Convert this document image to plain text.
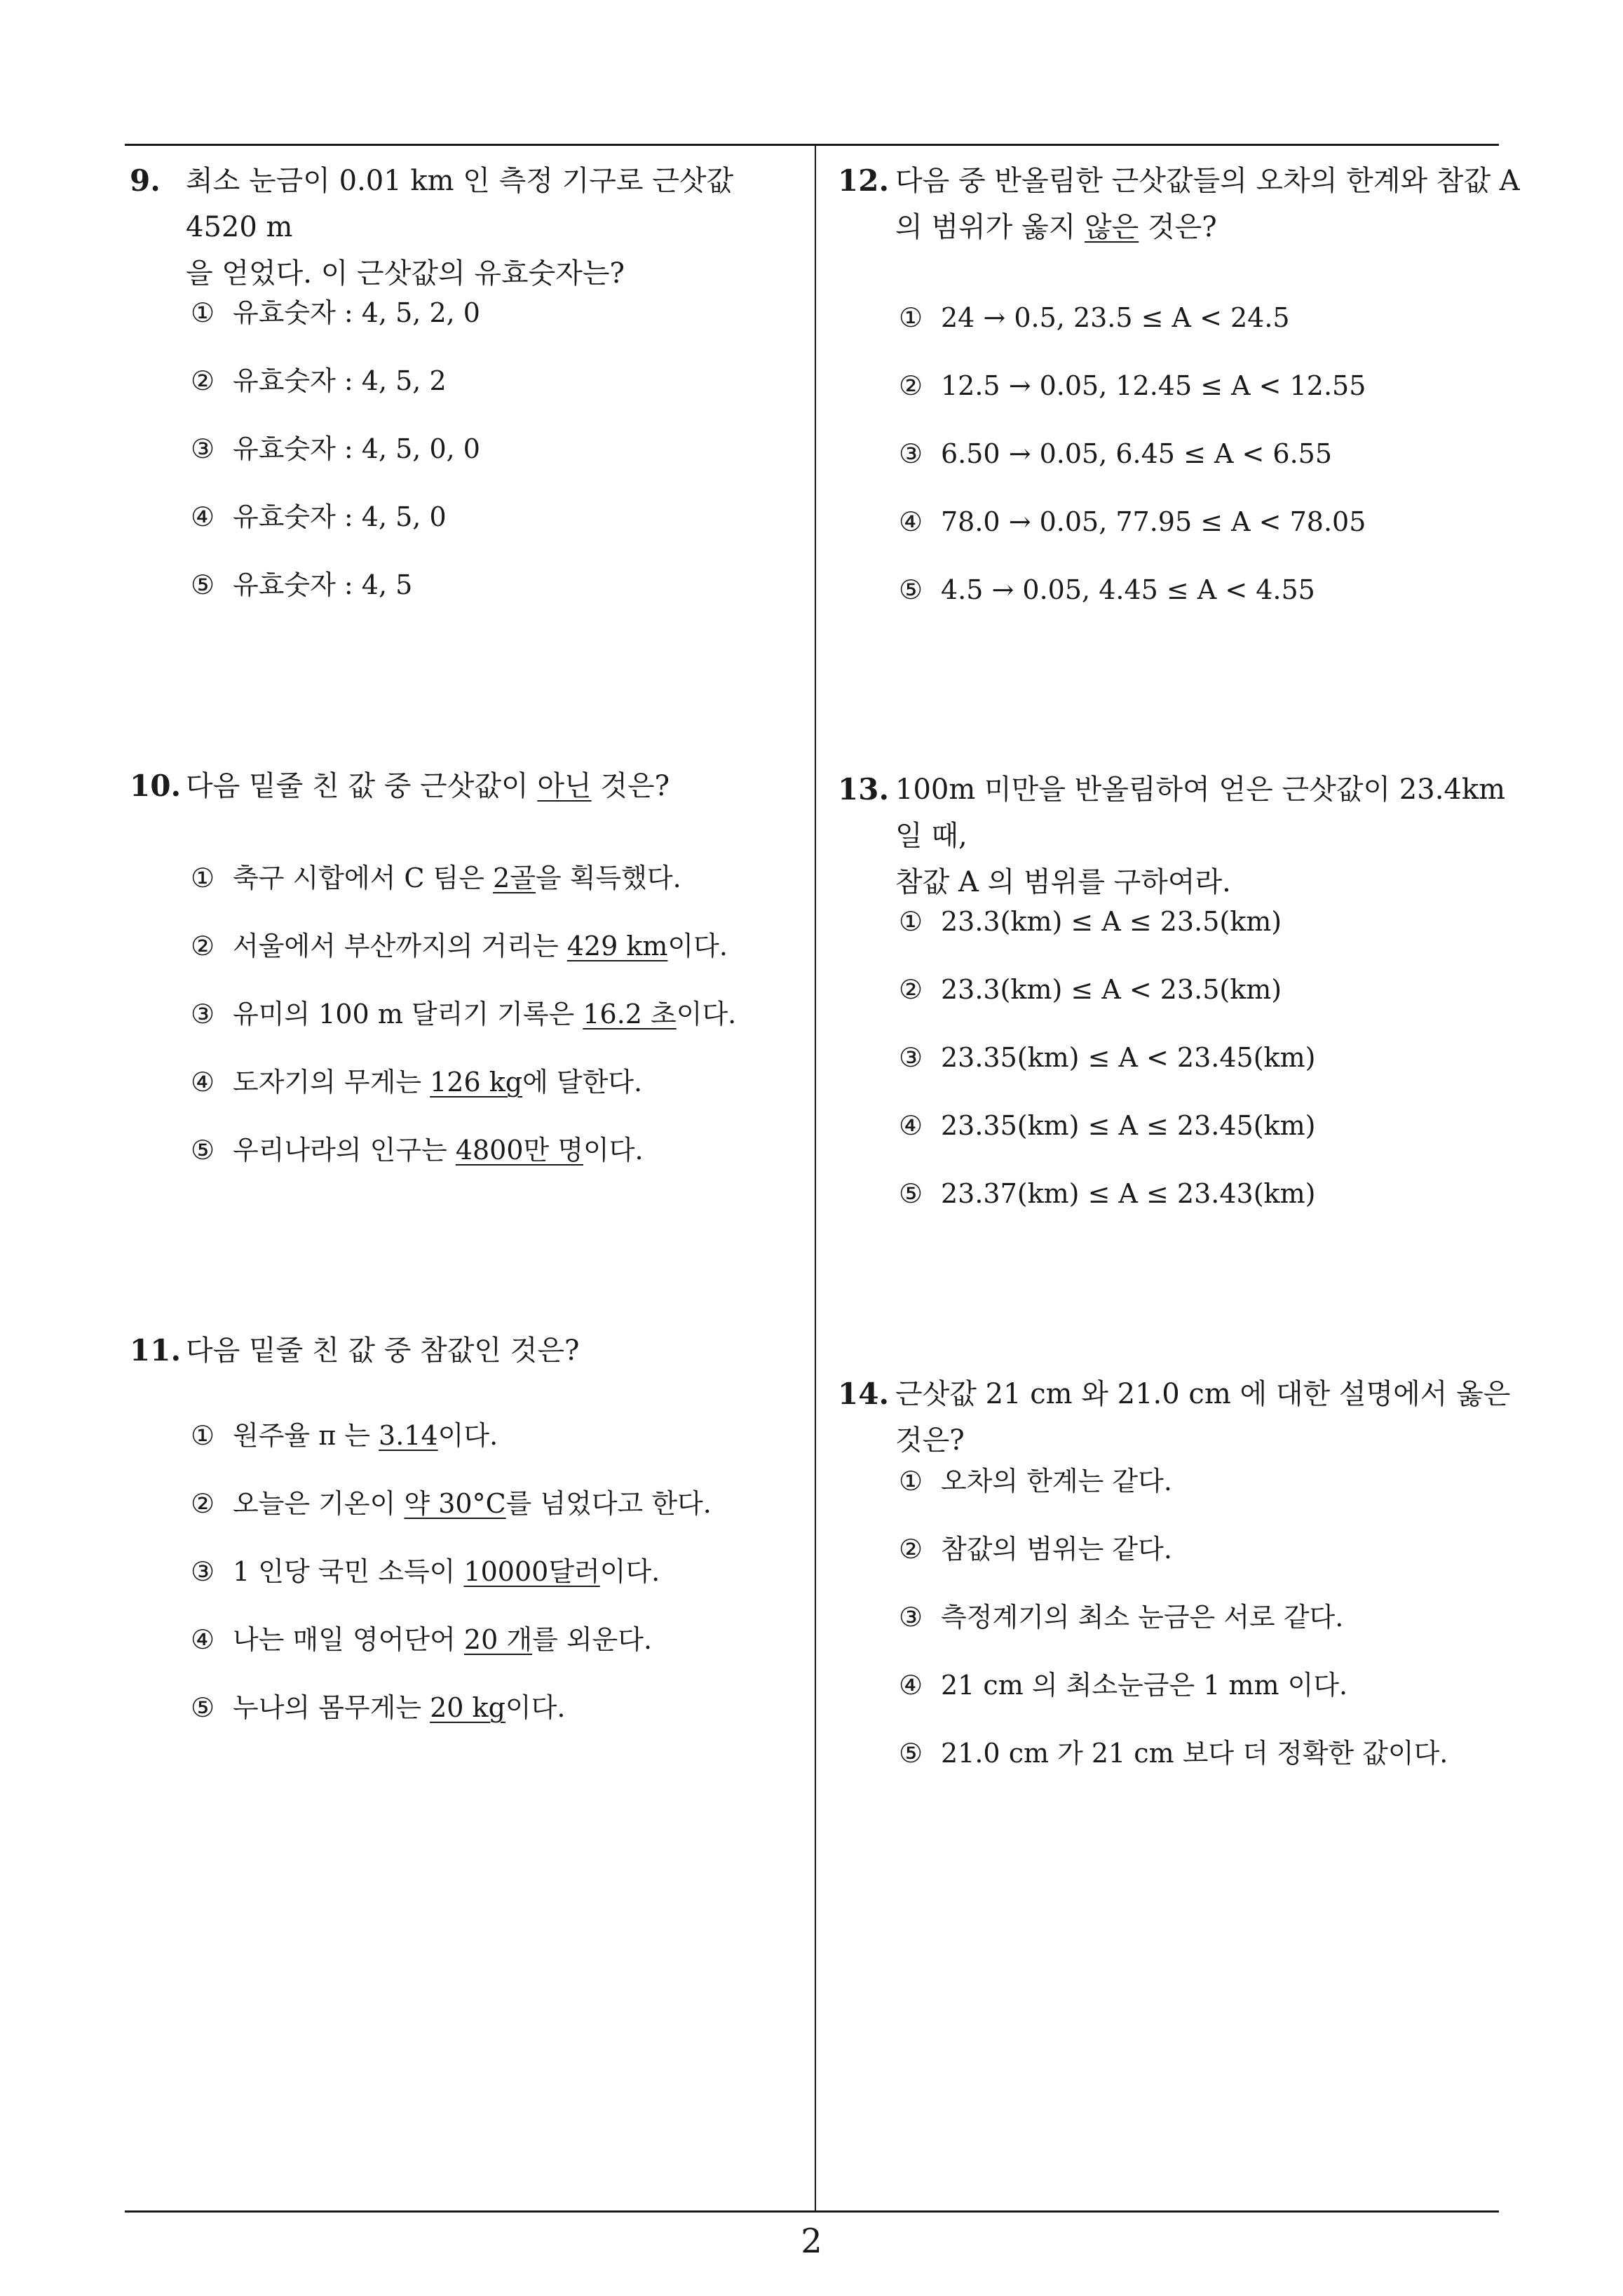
9. 최소 눈금이 0.01 km 인 측정 기구로 근삿값 4520 m
을 얻었다. 이 근삿값의 유효숫자는?
① 유효숫자 : 4, 5, 2, 0
② 유효숫자 : 4, 5, 2
③ 유효숫자 : 4, 5, 0, 0
④ 유효숫자 : 4, 5, 0
⑤ 유효숫자 : 4, 5
10. 다음 밑줄 친 값 중 근삿값이 아닌 것은?
① 축구 시합에서 C 팀은 2골을 획득했다.
② 서울에서 부산까지의 거리는 429 km이다.
③ 유미의 100 m 달리기 기록은 16.2 초이다.
④ 도자기의 무게는 126 kg에 달한다.
⑤ 우리나라의 인구는 4800만 명이다.
11. 다음 밑줄 친 값 중 참값인 것은?
① 원주율 π 는 3.14이다.
② 오늘은 기온이 약 30°C를 넘었다고 한다.
③ 1 인당 국민 소득이 10000달러이다.
④ 나는 매일 영어단어 20 개를 외운다.
⑤ 누나의 몸무게는 20 kg이다.
12. 다음 중 반올림한 근삿값들의 오차의 한계와 참값 A
의 범위가 옳지 않은 것은?
① 24 → 0.5, 23.5 ≤ A < 24.5
② 12.5 → 0.05, 12.45 ≤ A < 12.55
③ 6.50 → 0.05, 6.45 ≤ A < 6.55
④ 78.0 → 0.05, 77.95 ≤ A < 78.05
⑤ 4.5 → 0.05, 4.45 ≤ A < 4.55
13. 100m 미만을 반올림하여 얻은 근삿값이 23.4km 일 때,
참값 A 의 범위를 구하여라.
① 23.3(km) ≤ A ≤ 23.5(km)
② 23.3(km) ≤ A < 23.5(km)
③ 23.35(km) ≤ A < 23.45(km)
④ 23.35(km) ≤ A ≤ 23.45(km)
⑤ 23.37(km) ≤ A ≤ 23.43(km)
14. 근삿값 21 cm 와 21.0 cm 에 대한 설명에서 옳은 것은?
① 오차의 한계는 같다.
② 참값의 범위는 같다.
③ 측정계기의 최소 눈금은 서로 같다.
④ 21 cm 의 최소눈금은 1 mm 이다.
⑤ 21.0 cm 가 21 cm 보다 더 정확한 값이다.
2
